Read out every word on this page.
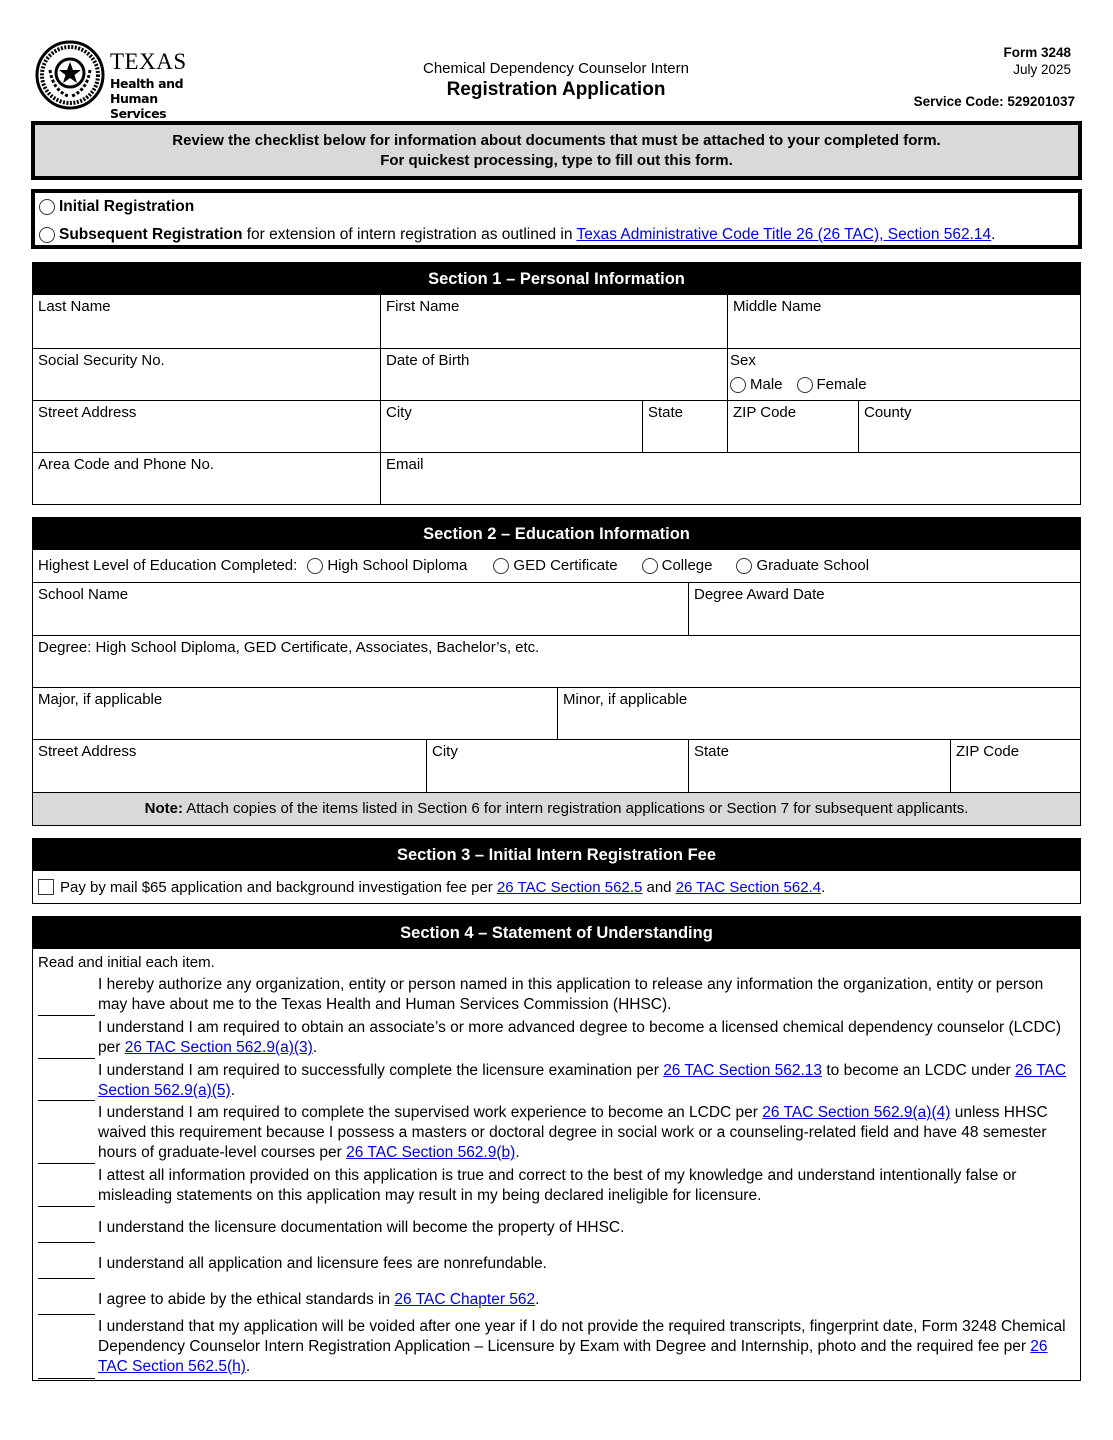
TEXAS
Health and Human
Services
Chemical Dependency Counselor Intern
Registration Application
Form 3248
July 2025
Service Code: 529201037
Review the checklist below for information about documents that must be attached to your completed form.
For quickest processing, type to fill out this form.
Initial Registration
Subsequent Registration for extension of intern registration as outlined in Texas Administrative Code Title 26 (26 TAC), Section 562.14.
Section 1 – Personal Information
Last Name	First Name	Middle Name
Social Security No.	Date of Birth	Sex
Male Female
Street Address	City	State	ZIP Code	County
Area Code and Phone No.	Email
Section 2 – Education Information
Highest Level of Education Completed: High School Diploma	GED Certificate	College	Graduate School
School Name	Degree Award Date
Degree: High School Diploma, GED Certificate, Associates, Bachelor’s, etc.
Major, if applicable	Minor, if applicable
Street Address	City	State	ZIP Code
Note: Attach copies of the items listed in Section 6 for intern registration applications or Section 7 for subsequent applicants.
Section 3 – Initial Intern Registration Fee
Pay by mail $65 application and background investigation fee per 26 TAC Section 562.5 and 26 TAC Section 562.4.
Section 4 – Statement of Understanding
Read and initial each item.
I hereby authorize any organization, entity or person named in this application to release any information the organization, entity or person may have about me to the Texas Health and Human Services Commission (HHSC).
I understand I am required to obtain an associate’s or more advanced degree to become a licensed chemical dependency counselor (LCDC) per 26 TAC Section 562.9(a)(3).
I understand I am required to successfully complete the licensure examination per 26 TAC Section 562.13 to become an LCDC under 26 TAC Section 562.9(a)(5).
I understand I am required to complete the supervised work experience to become an LCDC per 26 TAC Section 562.9(a)(4) unless HHSC waived this requirement because I possess a masters or doctoral degree in social work or a counseling-related field and have 48 semester hours of graduate-level courses per 26 TAC Section 562.9(b).
I attest all information provided on this application is true and correct to the best of my knowledge and understand intentionally false or misleading statements on this application may result in my being declared ineligible for licensure.
I understand the licensure documentation will become the property of HHSC.
I understand all application and licensure fees are nonrefundable.
I agree to abide by the ethical standards in 26 TAC Chapter 562.
I understand that my application will be voided after one year if I do not provide the required transcripts, fingerprint date, Form 3248 Chemical Dependency Counselor Intern Registration Application – Licensure by Exam with Degree and Internship, photo and the required fee per 26 TAC Section 562.5(h).
